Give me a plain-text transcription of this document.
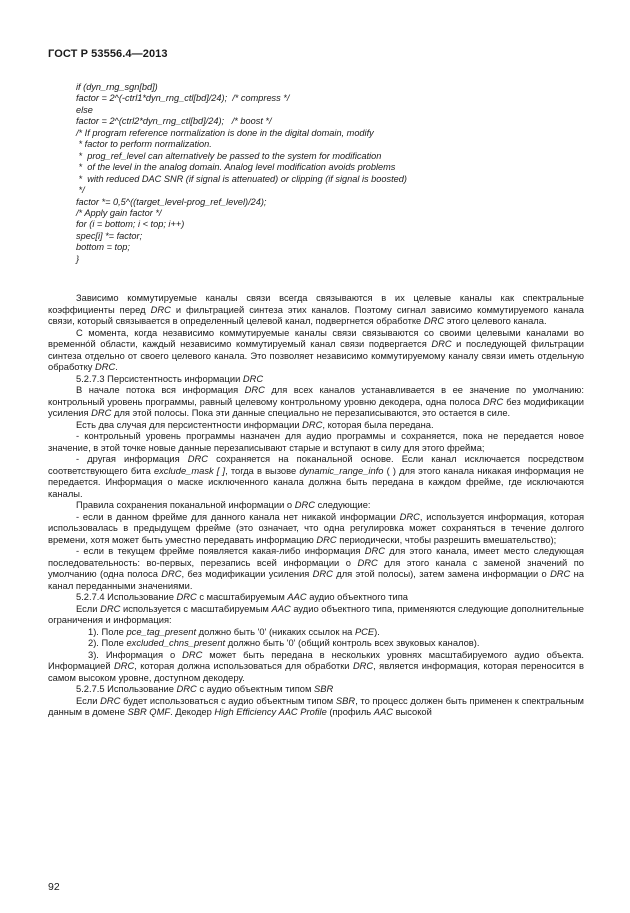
ГОСТ Р 53556.4—2013
if (dyn_rng_sgn[bd])
factor = 2^(-ctrl1*dyn_rng_ctl[bd]/24);  /* compress */
else
factor = 2^(ctrl2*dyn_rng_ctl[bd]/24);   /* boost */
/* If program reference normalization is done in the digital domain, modify
* factor to perform normalization.
*  prog_ref_level can alternatively be passed to the system for modification
*  of the level in the analog domain. Analog level modification avoids problems
*  with reduced DAC SNR (if signal is attenuated) or clipping (if signal is boosted)
*/
factor *= 0,5^((target_level-prog_ref_level)/24);
/* Apply gain factor */
for (i = bottom; i < top; i++)
spec[i] *= factor;
bottom = top;
}

Зависимо коммутируемые каналы связи всегда связываются в их целевые каналы как спектральные коэффициенты перед DRC и фильтрацией синтеза этих каналов. Поэтому сигнал зависимо коммутируемого канала связи, который связывается в определенный целевой канал, подвергнется обработке DRC этого целевого канала.

С момента, когда независимо коммутируемые каналы связи связываются со своими целевыми каналами во временнóй области, каждый независимо коммутируемый канал связи подвергается DRC и последующей фильтрации синтеза отдельно от своего целевого канала. Это позволяет независимо коммутируемому каналу связи иметь отдельную обработку DRC.

5.2.7.3 Персистентность информации DRC

В начале потока вся информация DRC для всех каналов устанавливается в ее значение по умолчанию: контрольный уровень программы, равный целевому контрольному уровню декодера, одна полоса DRC без модификации усиления DRC для этой полосы. Пока эти данные специально не перезаписываются, это остается в силе.

Есть два случая для персистентности информации DRC, которая была передана.

- контрольный уровень программы назначен для аудио программы и сохраняется, пока не передается новое значение, в этой точке новые данные перезаписывают старые и вступают в силу для этого фрейма;

- другая информация DRC сохраняется на поканальной основе. Если канал исключается посредством соответствующего бита exclude_mask [ ], тогда в вызове dynamic_range_info ( ) для этого канала никакая информация не передается. Информация о маске исключенного канала должна быть передана в каждом фрейме, где исключаются каналы.

Правила сохранения поканальной информации о DRC следующие:

- если в данном фрейме для данного канала нет никакой информации DRC, используется информация, которая использовалась в предыдущем фрейме (это означает, что одна регулировка может сохраняться в течение долгого времени, хотя может быть уместно передавать информацию DRC периодически, чтобы разрешить вмешательство);

- если в текущем фрейме появляется какая-либо информация DRC для этого канала, имеет место следующая последовательность: во-первых, перезапись всей информации о DRC для этого канала с заменой значений по умолчанию (одна полоса DRC, без модификации усиления DRC для этой полосы), затем замена информации о DRC на канал переданными значениями.

5.2.7.4 Использование DRC с масштабируемым AAC аудио объектного типа

Если DRC используется с масштабируемым AAC аудио объектного типа, применяются следующие дополнительные ограничения и информация:

1). Поле pce_tag_present должно быть '0' (никаких ссылок на PCE).

2). Поле excluded_chns_present должно быть '0' (общий контроль всех звуковых каналов).

3). Информация о DRC может быть передана в нескольких уровнях масштабируемого аудио объекта. Информацией DRC, которая должна использоваться для обработки DRC, является информация, которая переносится в самом высоком уровне, доступном декодеру.

5.2.7.5 Использование DRC с аудио объектным типом SBR

Если DRC будет использоваться с аудио объектным типом SBR, то процесс должен быть применен к спектральным данным в домене SBR QMF. Декодер High Efficiency AAC Profile (профиль AAC высокой

92
